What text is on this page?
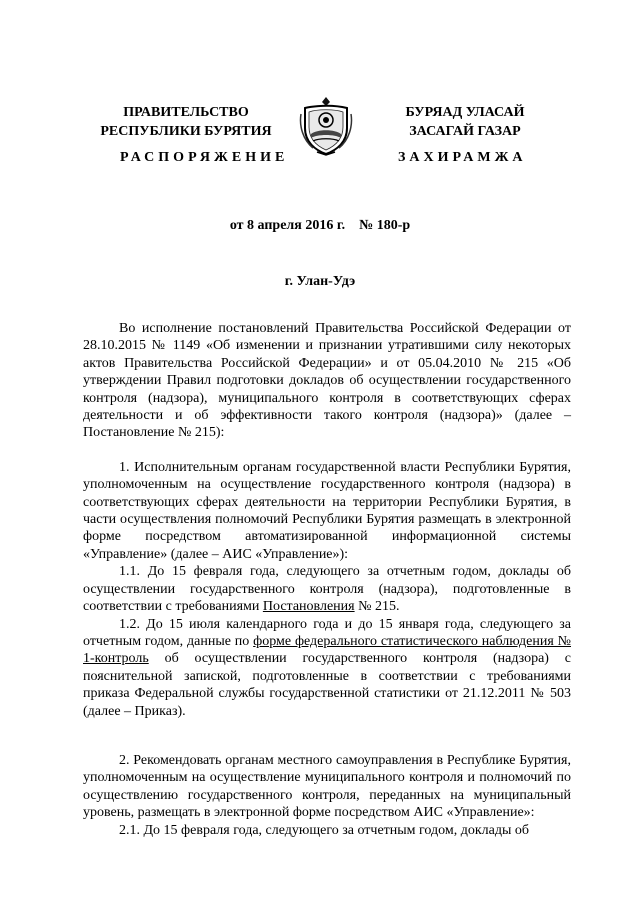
ПРАВИТЕЛЬСТВО
РЕСПУБЛИКИ БУРЯТИЯ
БУРЯАД УЛАСАЙ
ЗАСАГАЙ ГАЗАР
РАСПОРЯЖЕНИЕ	ЗАХИРАМЖА
от 8 апреля 2016 г.    № 180-р
г. Улан-Удэ

Во исполнение постановлений Правительства Российской Федерации от 28.10.2015 № 1149 «Об изменении и признании утратившими силу некоторых актов Правительства Российской Федерации» и от 05.04.2010 № 215 «Об утверждении Правил подготовки докладов об осуществлении государственного контроля (надзора), муниципального контроля в соответствующих сферах деятельности и об эффективности такого контроля (надзора)» (далее – Постановление № 215):

1. Исполнительным органам государственной власти Республики Бурятия, уполномоченным на осуществление государственного контроля (надзора) в соответствующих сферах деятельности на территории Республики Бурятия, в части осуществления полномочий Республики Бурятия размещать в электронной форме посредством автоматизированной информационной системы «Управление» (далее – АИС «Управление»):

1.1. До 15 февраля года, следующего за отчетным годом, доклады об осуществлении государственного контроля (надзора), подготовленные в соответствии с требованиями Постановления № 215.

1.2. До 15 июля календарного года и до 15 января года, следующего за отчетным годом, данные по форме федерального статистического наблюдения № 1-контроль об осуществлении государственного контроля (надзора) с пояснительной запиской, подготовленные в соответствии с требованиями приказа Федеральной службы государственной статистики от 21.12.2011 № 503 (далее – Приказ).

2. Рекомендовать органам местного самоуправления в Республике Бурятия, уполномоченным на осуществление муниципального контроля и полномочий по осуществлению государственного контроля, переданных на муниципальный уровень, размещать в электронной форме посредством АИС «Управление»:

2.1. До 15 февраля года, следующего за отчетным годом, доклады об
